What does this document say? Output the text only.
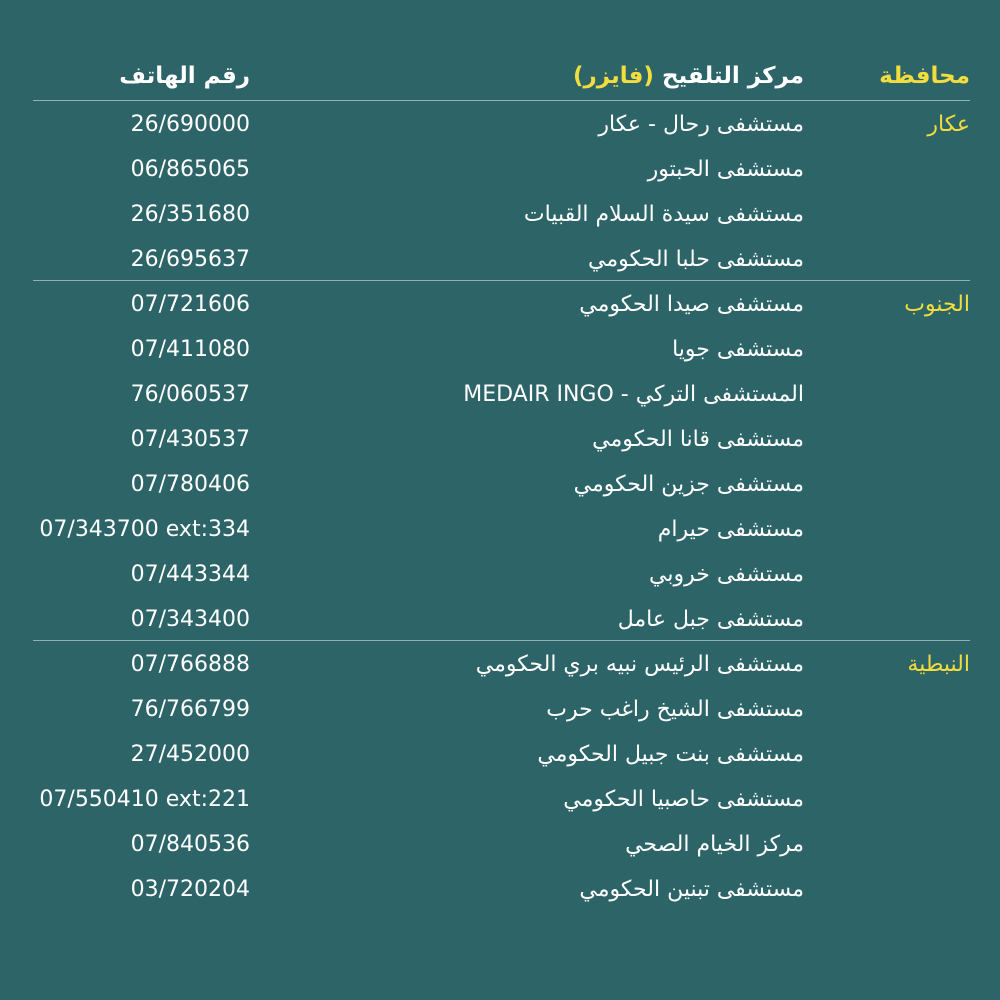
محافظة
مركز التلقيح (فايزر)
رقم الهاتف
عكار
مستشفى رحال - عكار
26/690000
مستشفى الحبتور
06/865065
مستشفى سيدة السلام القبيات
26/351680
مستشفى حلبا الحكومي
26/695637
الجنوب
مستشفى صيدا الحكومي
07/721606
مستشفى جويا
07/411080
المستشفى التركي - MEDAIR INGO
76/060537
مستشفى قانا الحكومي
07/430537
مستشفى جزين الحكومي
07/780406
مستشفى حيرام
07/343700 ext:334
مستشفى خروبي
07/443344
مستشفى جبل عامل
07/343400
النبطية
مستشفى الرئيس نبيه بري الحكومي
07/766888
مستشفى الشيخ راغب حرب
76/766799
مستشفى بنت جبيل الحكومي
27/452000
مستشفى حاصبيا الحكومي
07/550410 ext:221
مركز الخيام الصحي
07/840536
مستشفى تبنين الحكومي
03/720204
